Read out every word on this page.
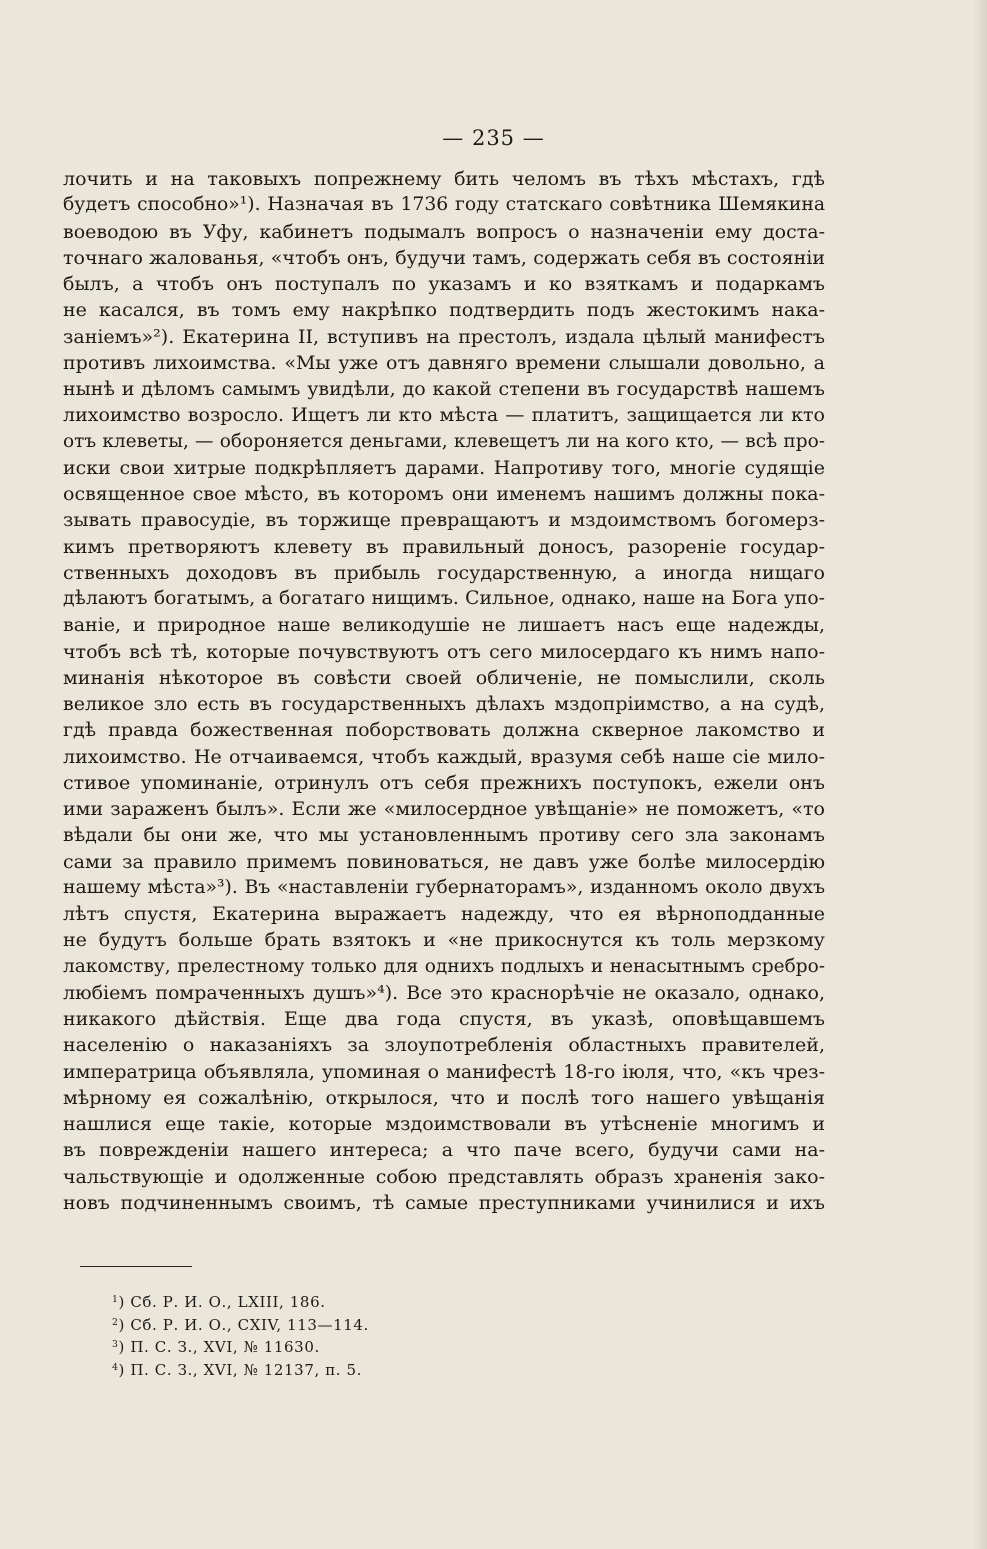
— 235 —
лочить и на таковыхъ попрежнему бить челомъ въ тѣхъ мѣстахъ, гдѣ
будетъ способно»¹). Назначая въ 1736 году статскаго совѣтника Шемякина
воеводою въ Уфу, кабинетъ подымалъ вопросъ о назначеніи ему доста-
точнаго жалованья, «чтобъ онъ, будучи тамъ, содержать себя въ состояніи
былъ, а чтобъ онъ поступалъ по указамъ и ко взяткамъ и подаркамъ
не касался, въ томъ ему накрѣпко подтвердить подъ жестокимъ нака-
заніемъ»²). Екатерина II, вступивъ на престолъ, издала цѣлый манифестъ
противъ лихоимства. «Мы уже отъ давняго времени слышали довольно, а
нынѣ и дѣломъ самымъ увидѣли, до какой степени въ государствѣ нашемъ
лихоимство возросло. Ищетъ ли кто мѣста — платитъ, защищается ли кто
отъ клеветы, — обороняется деньгами, клевещетъ ли на кого кто, — всѣ про-
иски свои хитрые подкрѣпляетъ дарами. Напротиву того, многіе судящіе
освященное свое мѣсто, въ которомъ они именемъ нашимъ должны пока-
зывать правосудіе, въ торжище превращаютъ и мздоимствомъ богомерз-
кимъ претворяютъ клевету въ правильный доносъ, разореніе государ-
ственныхъ доходовъ въ прибыль государственную, а иногда нищаго
дѣлаютъ богатымъ, а богатаго нищимъ. Сильное, однако, наше на Бога упо-
ваніе, и природное наше великодушіе не лишаетъ насъ еще надежды,
чтобъ всѣ тѣ, которые почувствуютъ отъ сего милосердаго къ нимъ напо-
минанія нѣкоторое въ совѣсти своей обличеніе, не помыслили, сколь
великое зло есть въ государственныхъ дѣлахъ мздопріимство, а на судѣ,
гдѣ правда божественная поборствовать должна скверное лакомство и
лихоимство. Не отчаиваемся, чтобъ каждый, вразумя себѣ наше сіе мило-
стивое упоминаніе, отринулъ отъ себя прежнихъ поступокъ, ежели онъ
ими зараженъ былъ». Если же «милосердное увѣщаніе» не поможетъ, «то
вѣдали бы они же, что мы установленнымъ противу сего зла законамъ
сами за правило примемъ повиноваться, не давъ уже болѣе милосердію
нашему мѣста»³). Въ «наставленіи губернаторамъ», изданномъ около двухъ
лѣтъ спустя, Екатерина выражаетъ надежду, что ея вѣрноподданные
не будутъ больше брать взятокъ и «не прикоснутся къ толь мерзкому
лакомству, прелестному только для однихъ подлыхъ и ненасытнымъ сребро-
любіемъ помраченныхъ душъ»⁴). Все это краснорѣчіе не оказало, однако,
никакого дѣйствія. Еще два года спустя, въ указѣ, оповѣщавшемъ
населенію о наказаніяхъ за злоупотребленія областныхъ правителей,
императрица объявляла, упоминая о манифестѣ 18-го іюля, что, «къ чрез-
мѣрному ея сожалѣнію, открылося, что и послѣ того нашего увѣщанія
нашлися еще такіе, которые мздоимствовали въ утѣсненіе многимъ и
въ поврежденіи нашего интереса; а что паче всего, будучи сами на-
чальствующіе и одолженные собою представлять образъ храненія зако-
новъ подчиненнымъ своимъ, тѣ самые преступниками учинилися и ихъ
$^1$) Сб. Р. И. О., LXIII, 186.
$^2$) Сб. Р. И. О., CXIV, 113—114.
$^3$) П. С. З., XVI, № 11630.
$^4$) П. С. З., XVI, № 12137, п. 5.
